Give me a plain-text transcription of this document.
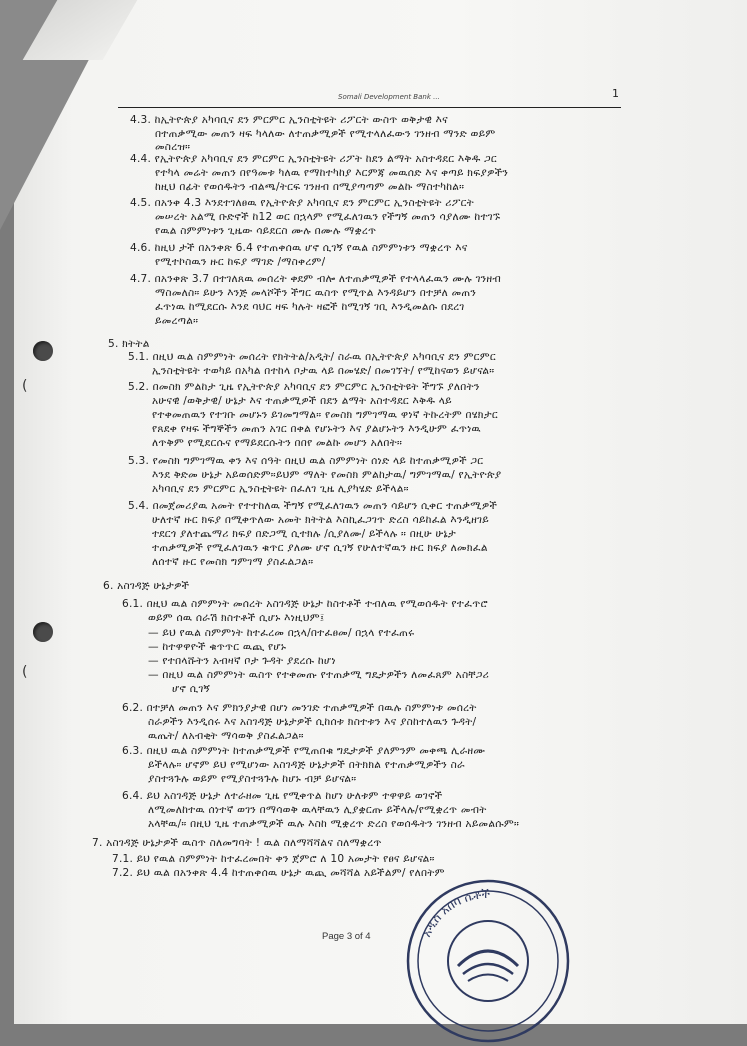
(
(
Somali Development Bank ...	1
4.3. ከኢትዮጵያ አካባቢና ደን ምርምር ኢንስቲትዩት ሪፖርት ውስጥ ወቅታዊ እና
በተጠቃሚው መጠን ዛፍ ካላለው ለተጠቃሚዎች የሚተላለፈውን ገንዘብ ማንድ ወይም
መስረዝ።
4.4. የኢትዮጵያ አካባቢና ደን ምርምር ኢንስቲትዩት ሪፖት ከደን ልማት አስተዳደር እቅዱ ጋር
የተካላ መሬት መጠን በየዓመቱ ካለዉ የማከተካከያ እርምጃ መዉሰድ እና ቀጣይ ክፍያዎችን
ከዚህ በፊት የወሰዱትን ብልጫ/ትርፍ ገንዘብ በሚያጣጣም መልኩ ማስተካከል።
4.5. በአንቀ 4.3 እንደተገለፀዉ የኢትዮጵያ አካባቢና ደን ምርምር ኢንስቲትዩት ሪፖርት
መሠረት አልሚ ቡድኖች ከ12 ወር በኋላም የሚፈለገዉን የችግኝ መጠን ሳያለሙ ከተገኙ
የዉል ስምምነቱን ጊዜው ሳይደርስ ሙሉ በሙሉ ማቋረጥ
4.6. ከዚህ ታች በአንቀጽ 6.4 የተጠቀሰዉ ሆኖ ሲገኝ የዉል ስምምነቱን ማቋረጥ እና
የሚተኮስዉን ዙር ከፍያ ማገድ /ማስቀረም/
4.7. በአንቀጽ 3.7 በተገለጸዉ መሰረት ቀደም ብሎ ለተጠቃሚዎች የተላላፈዉን ሙሉ ገንዘብ
ማስመለስ። ይሁን እንጅ መላሾችን ችግር ዉስጥ የሚጥል እንዳይሆን በተቻለ መጠን
ፈጥነዉ ከሚደርሱ እንደ ባህር ዛፍ ካሉት ዛፎች ከሚገኝ ገቢ እንዲመልሱ በደረገ
ይመረጣል።
5. ክትትል
5.1. በዚህ ዉል ስምምነት መሰረት የክትትል/አዲት/ ስራዉ በኢትዮጵያ አካባቢና ደን ምርምር
ኢንስቲትዩት ተወካይ በአካል በተከላ ቦታዉ ላይ በመሄድ/ በመገኘት/ የሚከናወን ይሆናል።
5.2. በመስክ ምልከታ ጊዜ የኢትዮጵያ አካባቢና ደን ምርምር ኢንስቲትዩት ችግኙ ያለበትን
አሁናዊ /ወቅታዊ/ ሁኔታ እና ተጠቃሚዎች በደን ልማት አስተዳደር እቅዱ ላይ
የተቀመጠዉን የተገቡ መሆኑን ይገመግማል። የመስክ ግምገማዉ ዋነኛ ትኩረትም በሄክታር
የጸደቀ የዛፍ ችግኞችን መጠን አገር በቀል የሆኑትን እና ያልሆኑትን እንዲሁም ፈጥነዉ
ለጥቅም የሚደርሱና የማይደርሱትን በበየ መልኩ መሆን አለበት።
5.3. የመስክ ግምገማዉ ቀን እና ሰዓት በዚህ ዉል ስምምነት ሰነድ ላይ ከተጠቃሚዎች ጋር
እንደ ቅድመ ሁኔታ አይወሰድም።ይህም ማለት የመስክ ምልከታዉ/ ግምገማዉ/ የኢትዮጵያ
አካባቢና ደን ምርምር ኢንስቲትዩት በፈለገ ጊዜ ሊያካሄድ ይችላል።
5.4. በመጀመሪያዉ አመት የተተከለዉ ችግኝ የሚፈለገዉን መጠን ሳይሆን ሲቀር ተጠቃሚዎች
ሁለተኛ ዙር ክፍያ በሚቀጥለው አመት ክትትል እስኪፈጋገጥ ድረስ ሳይከፈል እንዲዘገይ
ተደርጎ ያለተጨማሪ ክፍያ በድጋሚ ሲተክሉ /ሲያለሙ/ ይችላሉ ። በዚሁ ሁኔታ
ተጠቃሚዎች የሚፈለገዉን ቁጥር ያለሙ ሆኖ ሲገኝ የሁለተኛዉን ዙር ክፍያ ለመክፈል
ለሰተኛ ዙር የመስክ ግምገማ ያስፈልጋል።
6. አስገዳጅ ሁኔታዎች
6.1. በዚህ ዉል ስምምነት መሰረት አስገዳጅ ሁኔታ ከስተቶች ተብለዉ የሚወሰዱት የተፈጥሮ
ወይም ሰዉ ሰራሽ ክስተቶች ሲሆኑ እነዚህም፤
— ይህ የዉል ስምምነት ከተፈረመ በኋላ/በተፈፀመ/ በኋላ የተፈጠሩ
— ከተዋዋዮች ቁጥጥር ዉጪ የሆኑ
— የተበላሹትን አብዛኛ ቦታ ጉዳት ያደረሱ ከሆነ
— በዚህ ዉል ስምምነት ዉስጥ የተቀመጡ የተጠቃሚ ግዴታዎችን ለመፈጸም አስቸጋሪ
ሆኖ ሲገኝ
6.2. በተቻለ መጠን እና ምክንያታዊ በሆነ መንገድ ተጠቃሚዎች በዉሉ ስምምነቱ መሰረት
ስራዎችን እንዲሰሩ እና አስገዳጅ ሁኔታዎች ሲከሰቱ ክስተቱን እና ያስከተለዉን ጉዳት/
ዉጤት/ ለአብቂት ማሳወቅ ያስፈልጋል።
6.3. በዚህ ዉል ስምምነት ከተጠቃሚዎች የሚጠበቁ ግዴታዎች ያለምንም መቀጫ ሊራዘሙ
ይችላሉ። ሆኖም ይህ የሚሆነው አስገዳጅ ሁኔታዎች በትክክል የተጠቃሚዎችን ስራ
ያስተጓጉሉ ወይም የሚያስተጓጉሉ ከሆኑ ብቻ ይሆናል።
6.4. ይህ አስገዳጅ ሁኔታ ለተራዘመ ጊዜ የሚቀጥል ከሆነ ሁለቱም ተዋዋይ ወገኖች
ለሚመለከተዉ ሰነተኛ ወገን በማሳወቅ ዉላቸዉን ሊያቋርጡ ይችላሉ/የሚቋረጥ መብት
አላቸዉ/። በዚህ ጊዜ ተጠቃሚዎች ዉሉ እስከ ሚቋረጥ ድረስ የወሰዱትን ገንዘብ አይመልሱም።
7. አስገዳጅ ሁኔታዎች ዉስጥ ስለመግባት ! ዉል ስለማሻሻልና ስለማቋረጥ
7.1. ይህ የዉል ስምምነት ከተፈረመበት ቀን ጀምሮ ለ 10 አመታት የፀና ይሆናል።
7.2. ይህ ዉል በአንቀጽ 4.4 ከተጠቀሰዉ ሁኔታ ዉጪ መሻሻል አይችልም/ የለበትም
Page 3 of 4	አዲስ አበባ ሴቶች
